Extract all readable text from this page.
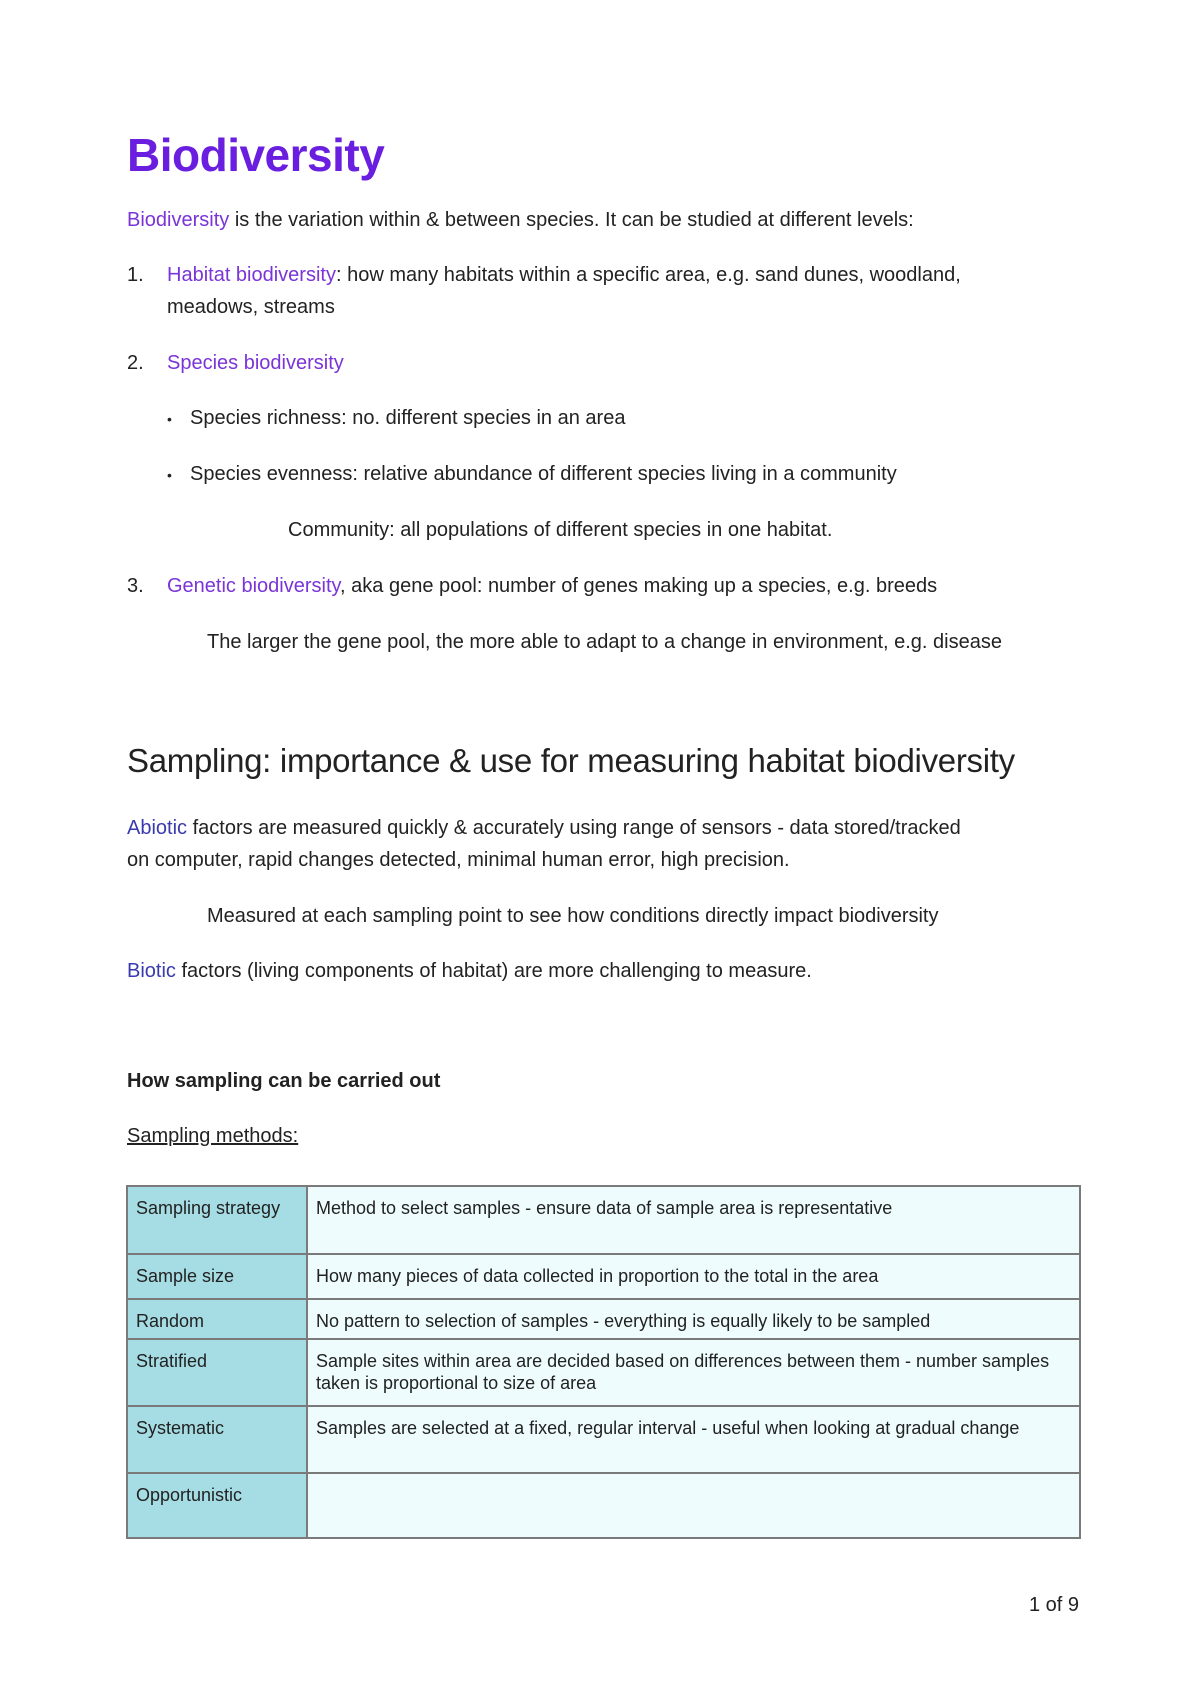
Biodiversity
Biodiversity is the variation within & between species. It can be studied at different levels:
1. Habitat biodiversity: how many habitats within a specific area, e.g. sand dunes, woodland,
meadows, streams
2. Species biodiversity
• Species richness: no. different species in an area
• Species evenness: relative abundance of different species living in a community
Community: all populations of different species in one habitat.
3. Genetic biodiversity, aka gene pool: number of genes making up a species, e.g. breeds
The larger the gene pool, the more able to adapt to a change in environment, e.g. disease
Sampling: importance & use for measuring habitat biodiversity
Abiotic factors are measured quickly & accurately using range of sensors - data stored/tracked
on computer, rapid changes detected, minimal human error, high precision.
Measured at each sampling point to see how conditions directly impact biodiversity
Biotic factors (living components of habitat) are more challenging to measure.
How sampling can be carried out
Sampling methods:
Sampling strategy	Method to select samples - ensure data of sample area is representative
Sample size	How many pieces of data collected in proportion to the total in the area
Random	No pattern to selection of samples - everything is equally likely to be sampled
Stratified	Sample sites within area are decided based on differences between them - number samples taken is proportional to size of area
Systematic	Samples are selected at a fixed, regular interval - useful when looking at gradual change
Opportunistic	
1 of 9
